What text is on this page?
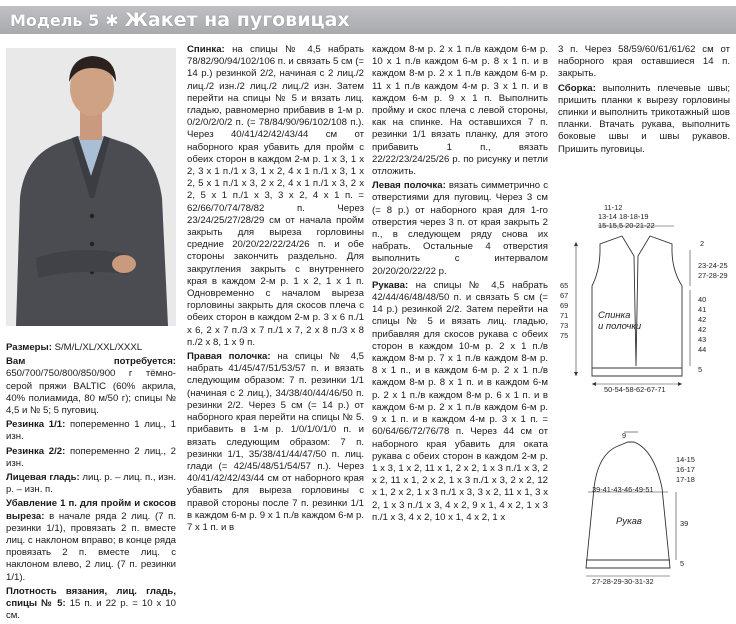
Модель 5 ✱ Жакет на пуговицах

Размеры: S/M/L/XL/XXL/XXXL

Вам потребуется: 650/700/750/800/850/900 г тёмно-серой пряжи BALTIC (60% акрила, 40% полиамида, 80 м/50 г); спицы № 4,5 и № 5; 5 пуговиц.

Резинка 1/1: попеременно 1 лиц., 1 изн.

Резинка 2/2: попеременно 2 лиц., 2 изн.

Лицевая гладь: лиц. р. – лиц. п., изн. р. – изн. п.

Убавление 1 п. для пройм и скосов выреза: в начале ряда 2 лиц. (7 п. резинки 1/1), провязать 2 п. вместе лиц. с наклоном вправо; в конце ряда провязать 2 п. вместе лиц. с наклоном влево, 2 лиц. (7 п. резинки 1/1).

Плотность вязания, лиц. гладь, спицы № 5: 15 п. и 22 р. = 10 х 10 см.

Спинка: на спицы № 4,5 набрать 78/82/90/94/102/106 п. и связать 5 см (= 14 р.) резинкой 2/2, начиная с 2 лиц./2 лиц./2 изн./2 лиц./2 лиц./2 изн. Затем перейти на спицы № 5 и вязать лиц. гладью, равномерно прибавив в 1-м р. 0/2/0/2/0/2 п. (= 78/84/90/96/102/108 п.). Через 40/41/42/42/43/44 см от наборного края убавить для пройм с обеих сторон в каждом 2-м р. 1 х 3, 1 х 2, 3 х 1 п./1 х 3, 1 х 2, 4 х 1 п./1 х 3, 1 х 2, 5 х 1 п./1 х 3, 2 х 2, 4 х 1 п./1 х 3, 2 х 2, 5 х 1 п./1 х 3, 3 х 2, 4 х 1 п. = 62/66/70/74/78/82 п. Через 23/24/25/27/28/29 см от начала пройм закрыть для выреза горловины средние 20/20/22/22/24/26 п. и обе стороны закончить раздельно. Для закругления закрыть с внутреннего края в каждом 2-м р. 1 х 2, 1 х 1 п. Одновременно с началом выреза горловины закрыть для скосов плеча с обеих сторон в каждом 2-м р. 3 х 6 п./1 х 6, 2 х 7 п./3 х 7 п./1 х 7, 2 х 8 п./3 х 8 п./2 х 8, 1 х 9 п.

Правая полочка: на спицы № 4,5 набрать 41/45/47/51/53/57 п. и вязать следующим образом: 7 п. резинки 1/1 (начиная с 2 лиц.), 34/38/40/44/46/50 п. резинки 2/2. Через 5 см (= 14 р.) от наборного края перейти на спицы № 5. прибавить в 1-м р. 1/0/1/0/1/0 п. и вязать следующим образом: 7 п. резинки 1/1, 35/38/41/44/47/50 п. лиц. глади (= 42/45/48/51/54/57 п.). Через 40/41/42/42/43/44 см от наборного края убавить для выреза горловины с правой стороны после 7 п. резинки 1/1 в каждом 6-м р. 9 х 1 п./в каждом 6-м р. 7 х 1 п. и в

каждом 8-м р. 2 х 1 п./в каждом 6-м р. 10 х 1 п./в каждом 6-м р. 8 х 1 п. и в каждом 8-м р. 2 х 1 п./в каждом 6-м р. 11 х 1 п./в каждом 4-м р. 3 х 1 п. и в каждом 6-м р. 9 х 1 п. Выполнить пройму и скос плеча с левой стороны, как на спинке. На оставшихся 7 п. резинки 1/1 вязать планку, для этого прибавить 1 п., вязать 22/22/23/24/25/26 р. по рисунку и петли отложить.

Левая полочка: вязать симметрично с отверстиями для пуговиц. Через 3 см (= 8 р.) от наборного края для 1-го отверстия через 3 п. от края закрыть 2 п., в следующем ряду снова их набрать. Остальные 4 отверстия выполнить с интервалом 20/20/20/22/22 р.

Рукава: на спицы № 4,5 набрать 42/44/46/48/48/50 п. и связать 5 см (= 14 р.) резинкой 2/2. Затем перейти на спицы № 5 и вязать лиц. гладью, прибавляя для скосов рукава с обеих сторон в каждом 10-м р. 2 х 1 п./в каждом 8-м р. 7 х 1 п./в каждом 8-м р. 8 х 1 п., и в каждом 6-м р. 2 х 1 п./в каждом 8-м р. 8 х 1 п. и в каждом 6-м р. 2 х 1 п./в каждом 8-м р. 6 х 1 п. и в каждом 6-м р. 2 х 1 п./в каждом 6-м р. 9 х 1 п. и в каждом 4-м р. 3 х 1 п. = 60/64/66/72/76/78 п. Через 44 см от наборного края убавить для оката рукава с обеих сторон в каждом 2-м р. 1 х 3, 1 х 2, 11 х 1, 2 х 2, 1 х 3 п./1 х 3, 2 х 2, 11 х 1, 2 х 2, 1 х 3 п./1 х 3, 2 х 2, 12 х 1, 2 х 2, 1 х 3 п./1 х 3, 3 х 2, 11 х 1, 3 х 2, 1 х 3 п./1 х 3, 4 х 2, 9 х 1, 4 х 2, 1 х 3 п./1 х 3, 4 х 2, 10 х 1, 4 х 2, 1 х

3 п. Через 58/59/60/61/61/62 см от наборного края оставшиеся 14 п. закрыть.

Сборка: выполнить плечевые швы; пришить планки к вырезу горловины спинки и выполнить трикотажный шов планки. Втачать рукава, выполнить боковые швы и швы рукавов. Пришить пуговицы.

11-12
13-14 18-18-19
15-15,5 20-21-22
2
23-24-25
27-28-29
65
67
69
71
73
75
40
41
42
42
43
44
5
50-54-58-62-67-71
Спинка
и полочки
9
14-15
16-17
17-18
39-41-43-46-49-51
39
5
27-28-29-30-31-32
Рукав
